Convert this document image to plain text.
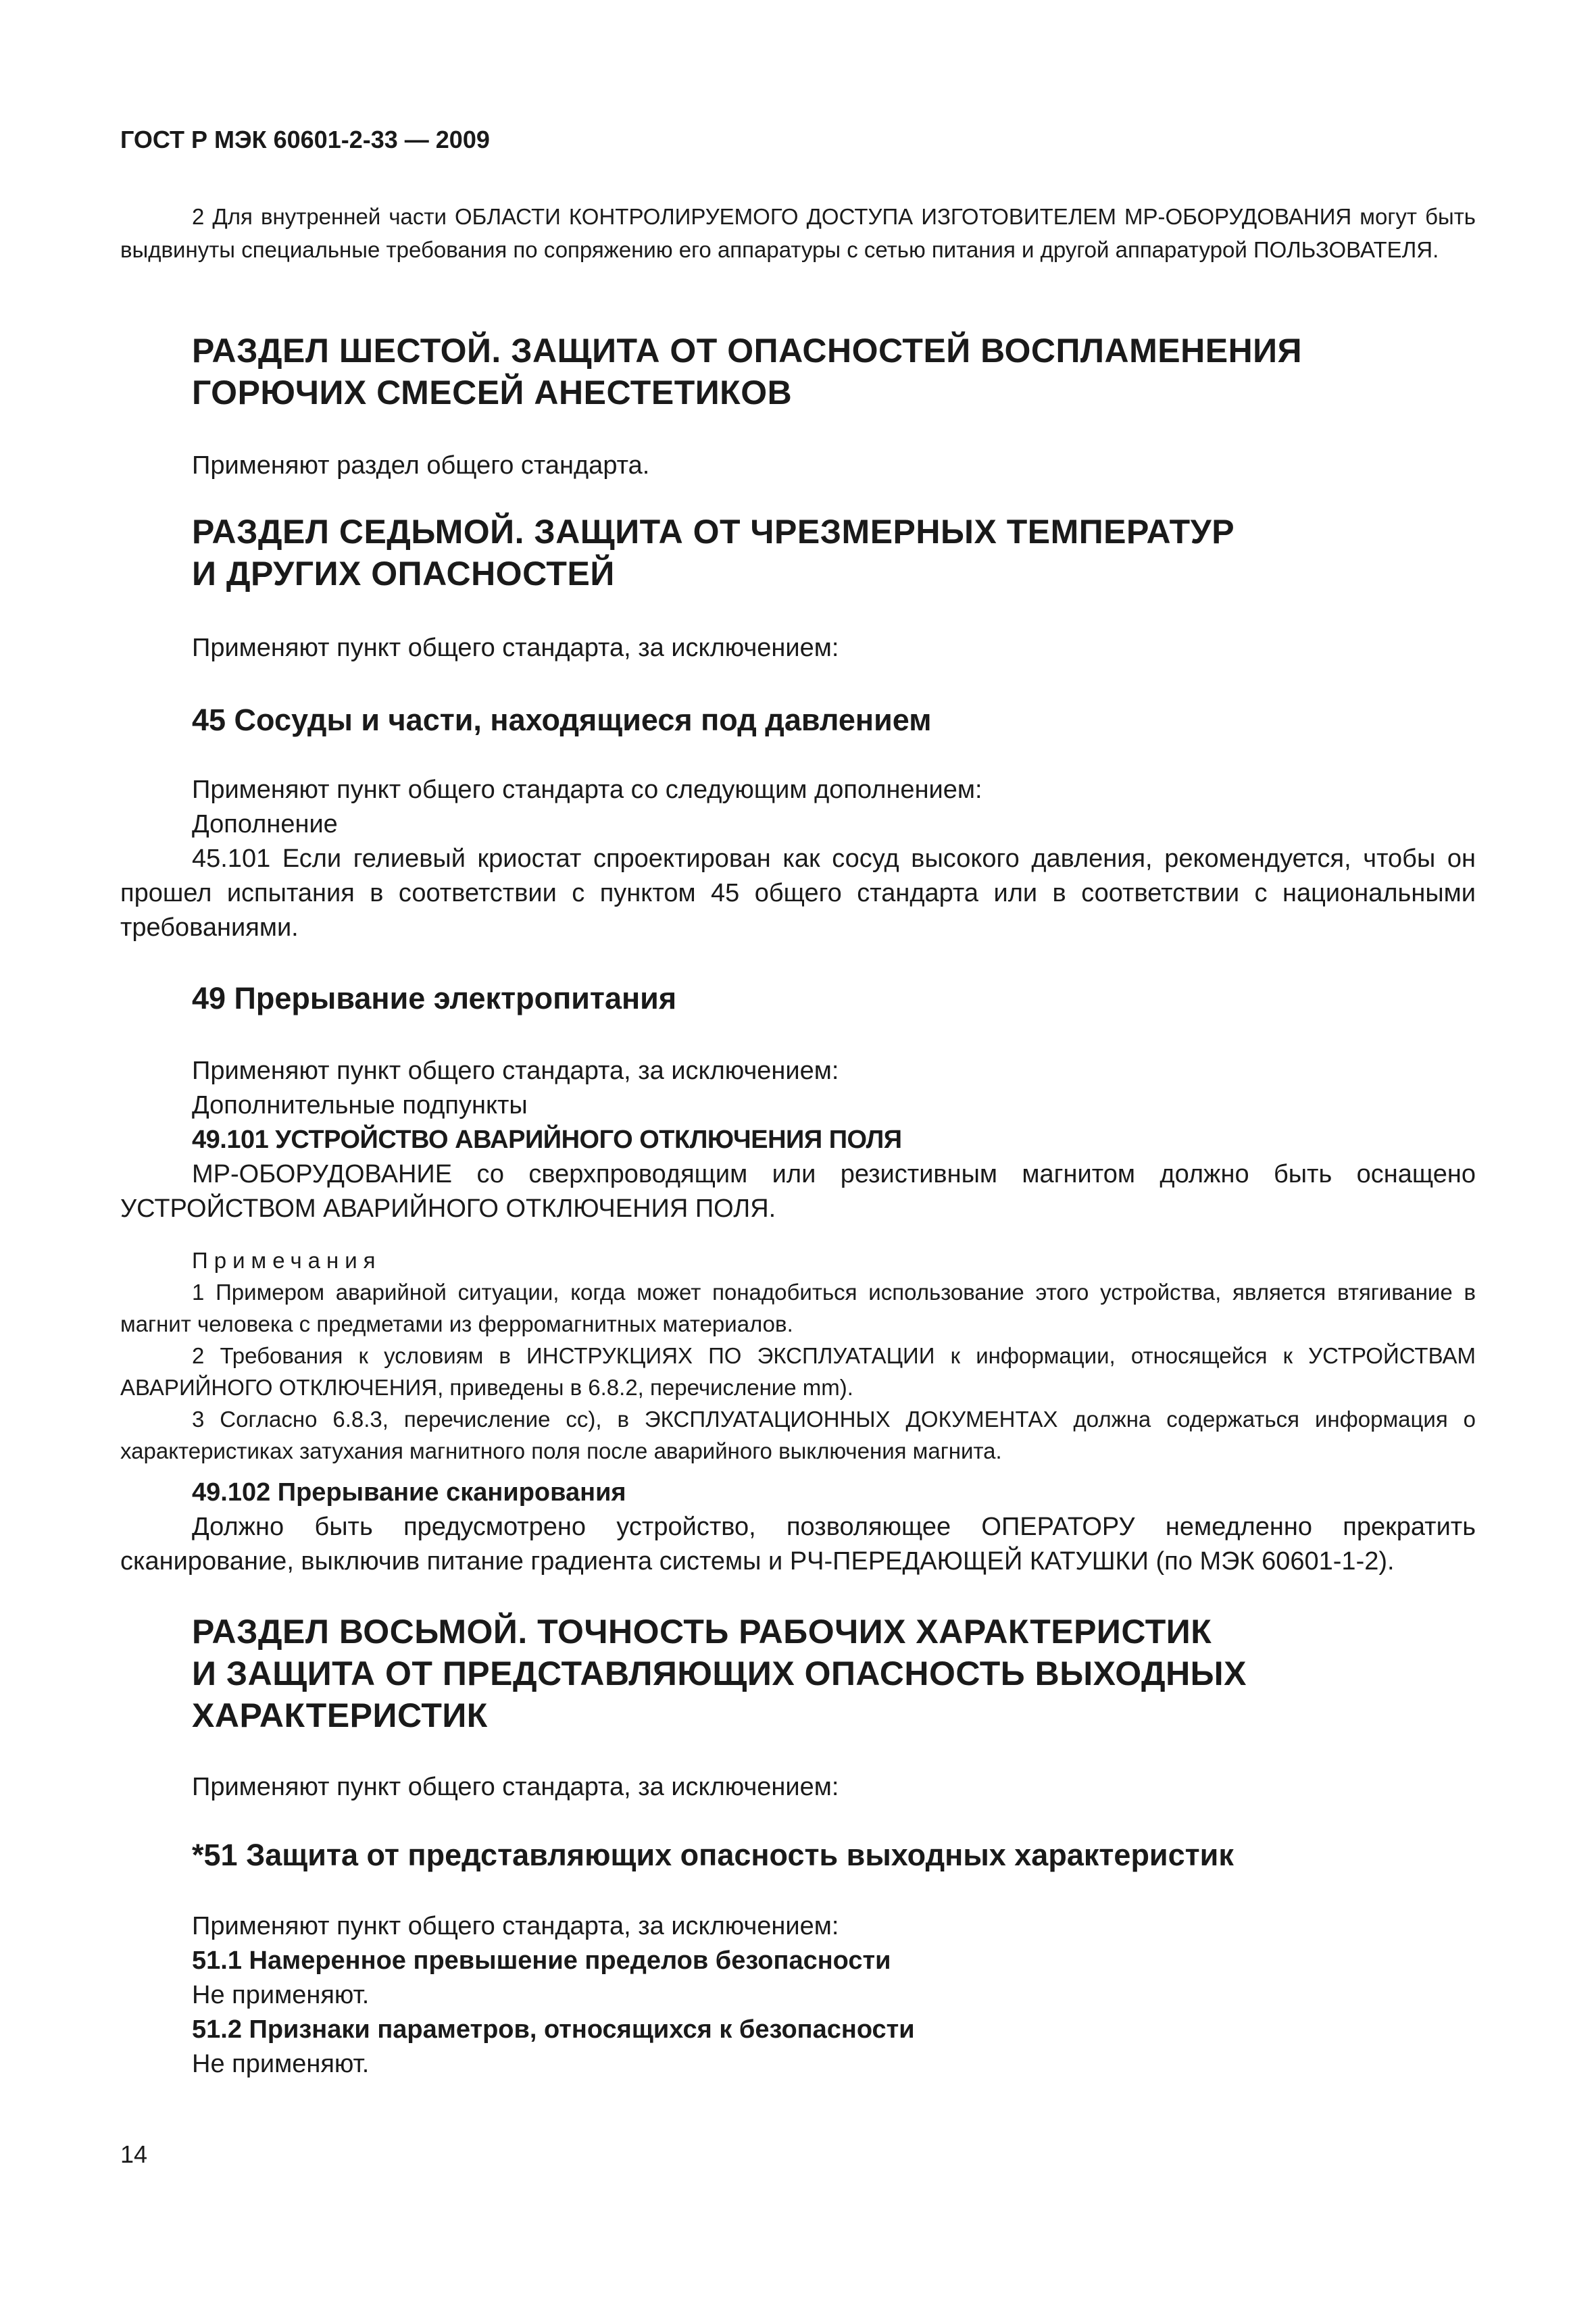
ГОСТ Р МЭК 60601-2-33 — 2009
2 Для внутренней части ОБЛАСТИ КОНТРОЛИРУЕМОГО ДОСТУПА ИЗГОТОВИТЕЛЕМ МР-ОБОРУДОВАНИЯ могут быть выдвинуты специальные требования по сопряжению его аппаратуры с сетью питания и другой аппаратурой ПОЛЬЗОВАТЕЛЯ.
РАЗДЕЛ ШЕСТОЙ. ЗАЩИТА ОТ ОПАСНОСТЕЙ ВОСПЛАМЕНЕНИЯ
ГОРЮЧИХ СМЕСЕЙ АНЕСТЕТИКОВ
Применяют раздел общего стандарта.
РАЗДЕЛ СЕДЬМОЙ. ЗАЩИТА ОТ ЧРЕЗМЕРНЫХ ТЕМПЕРАТУР
И ДРУГИХ ОПАСНОСТЕЙ
Применяют пункт общего стандарта, за исключением:
45 Сосуды и части, находящиеся под давлением
Применяют пункт общего стандарта со следующим дополнением:
Дополнение
45.101 Если гелиевый криостат спроектирован как сосуд высокого давления, рекомендуется, чтобы он прошел испытания в соответствии с пунктом 45 общего стандарта или в соответствии с национальными требованиями.
49 Прерывание электропитания
Применяют пункт общего стандарта, за исключением:
Дополнительные подпункты
49.101 УСТРОЙСТВО АВАРИЙНОГО ОТКЛЮЧЕНИЯ ПОЛЯ
МР-ОБОРУДОВАНИЕ со сверхпроводящим или резистивным магнитом должно быть оснащено УСТРОЙСТВОМ АВАРИЙНОГО ОТКЛЮЧЕНИЯ ПОЛЯ.
Примечания
1 Примером аварийной ситуации, когда может понадобиться использование этого устройства, является втягивание в магнит человека с предметами из ферромагнитных материалов.
2 Требования к условиям в ИНСТРУКЦИЯХ ПО ЭКСПЛУАТАЦИИ к информации, относящейся к УСТРОЙСТВАМ АВАРИЙНОГО ОТКЛЮЧЕНИЯ, приведены в 6.8.2, перечисление mm).
3 Согласно 6.8.3, перечисление cc), в ЭКСПЛУАТАЦИОННЫХ ДОКУМЕНТАХ должна содержаться информация о характеристиках затухания магнитного поля после аварийного выключения магнита.
49.102 Прерывание сканирования
Должно быть предусмотрено устройство, позволяющее ОПЕРАТОРУ немедленно прекратить сканирование, выключив питание градиента системы и РЧ-ПЕРЕДАЮЩЕЙ КАТУШКИ (по МЭК 60601-1-2).
РАЗДЕЛ ВОСЬМОЙ. ТОЧНОСТЬ РАБОЧИХ ХАРАКТЕРИСТИК
И ЗАЩИТА ОТ ПРЕДСТАВЛЯЮЩИХ ОПАСНОСТЬ ВЫХОДНЫХ
ХАРАКТЕРИСТИК
Применяют пункт общего стандарта, за исключением:
*51 Защита от представляющих опасность выходных характеристик
Применяют пункт общего стандарта, за исключением:
51.1 Намеренное превышение пределов безопасности
Не применяют.
51.2 Признаки параметров, относящихся к безопасности
Не применяют.
14
